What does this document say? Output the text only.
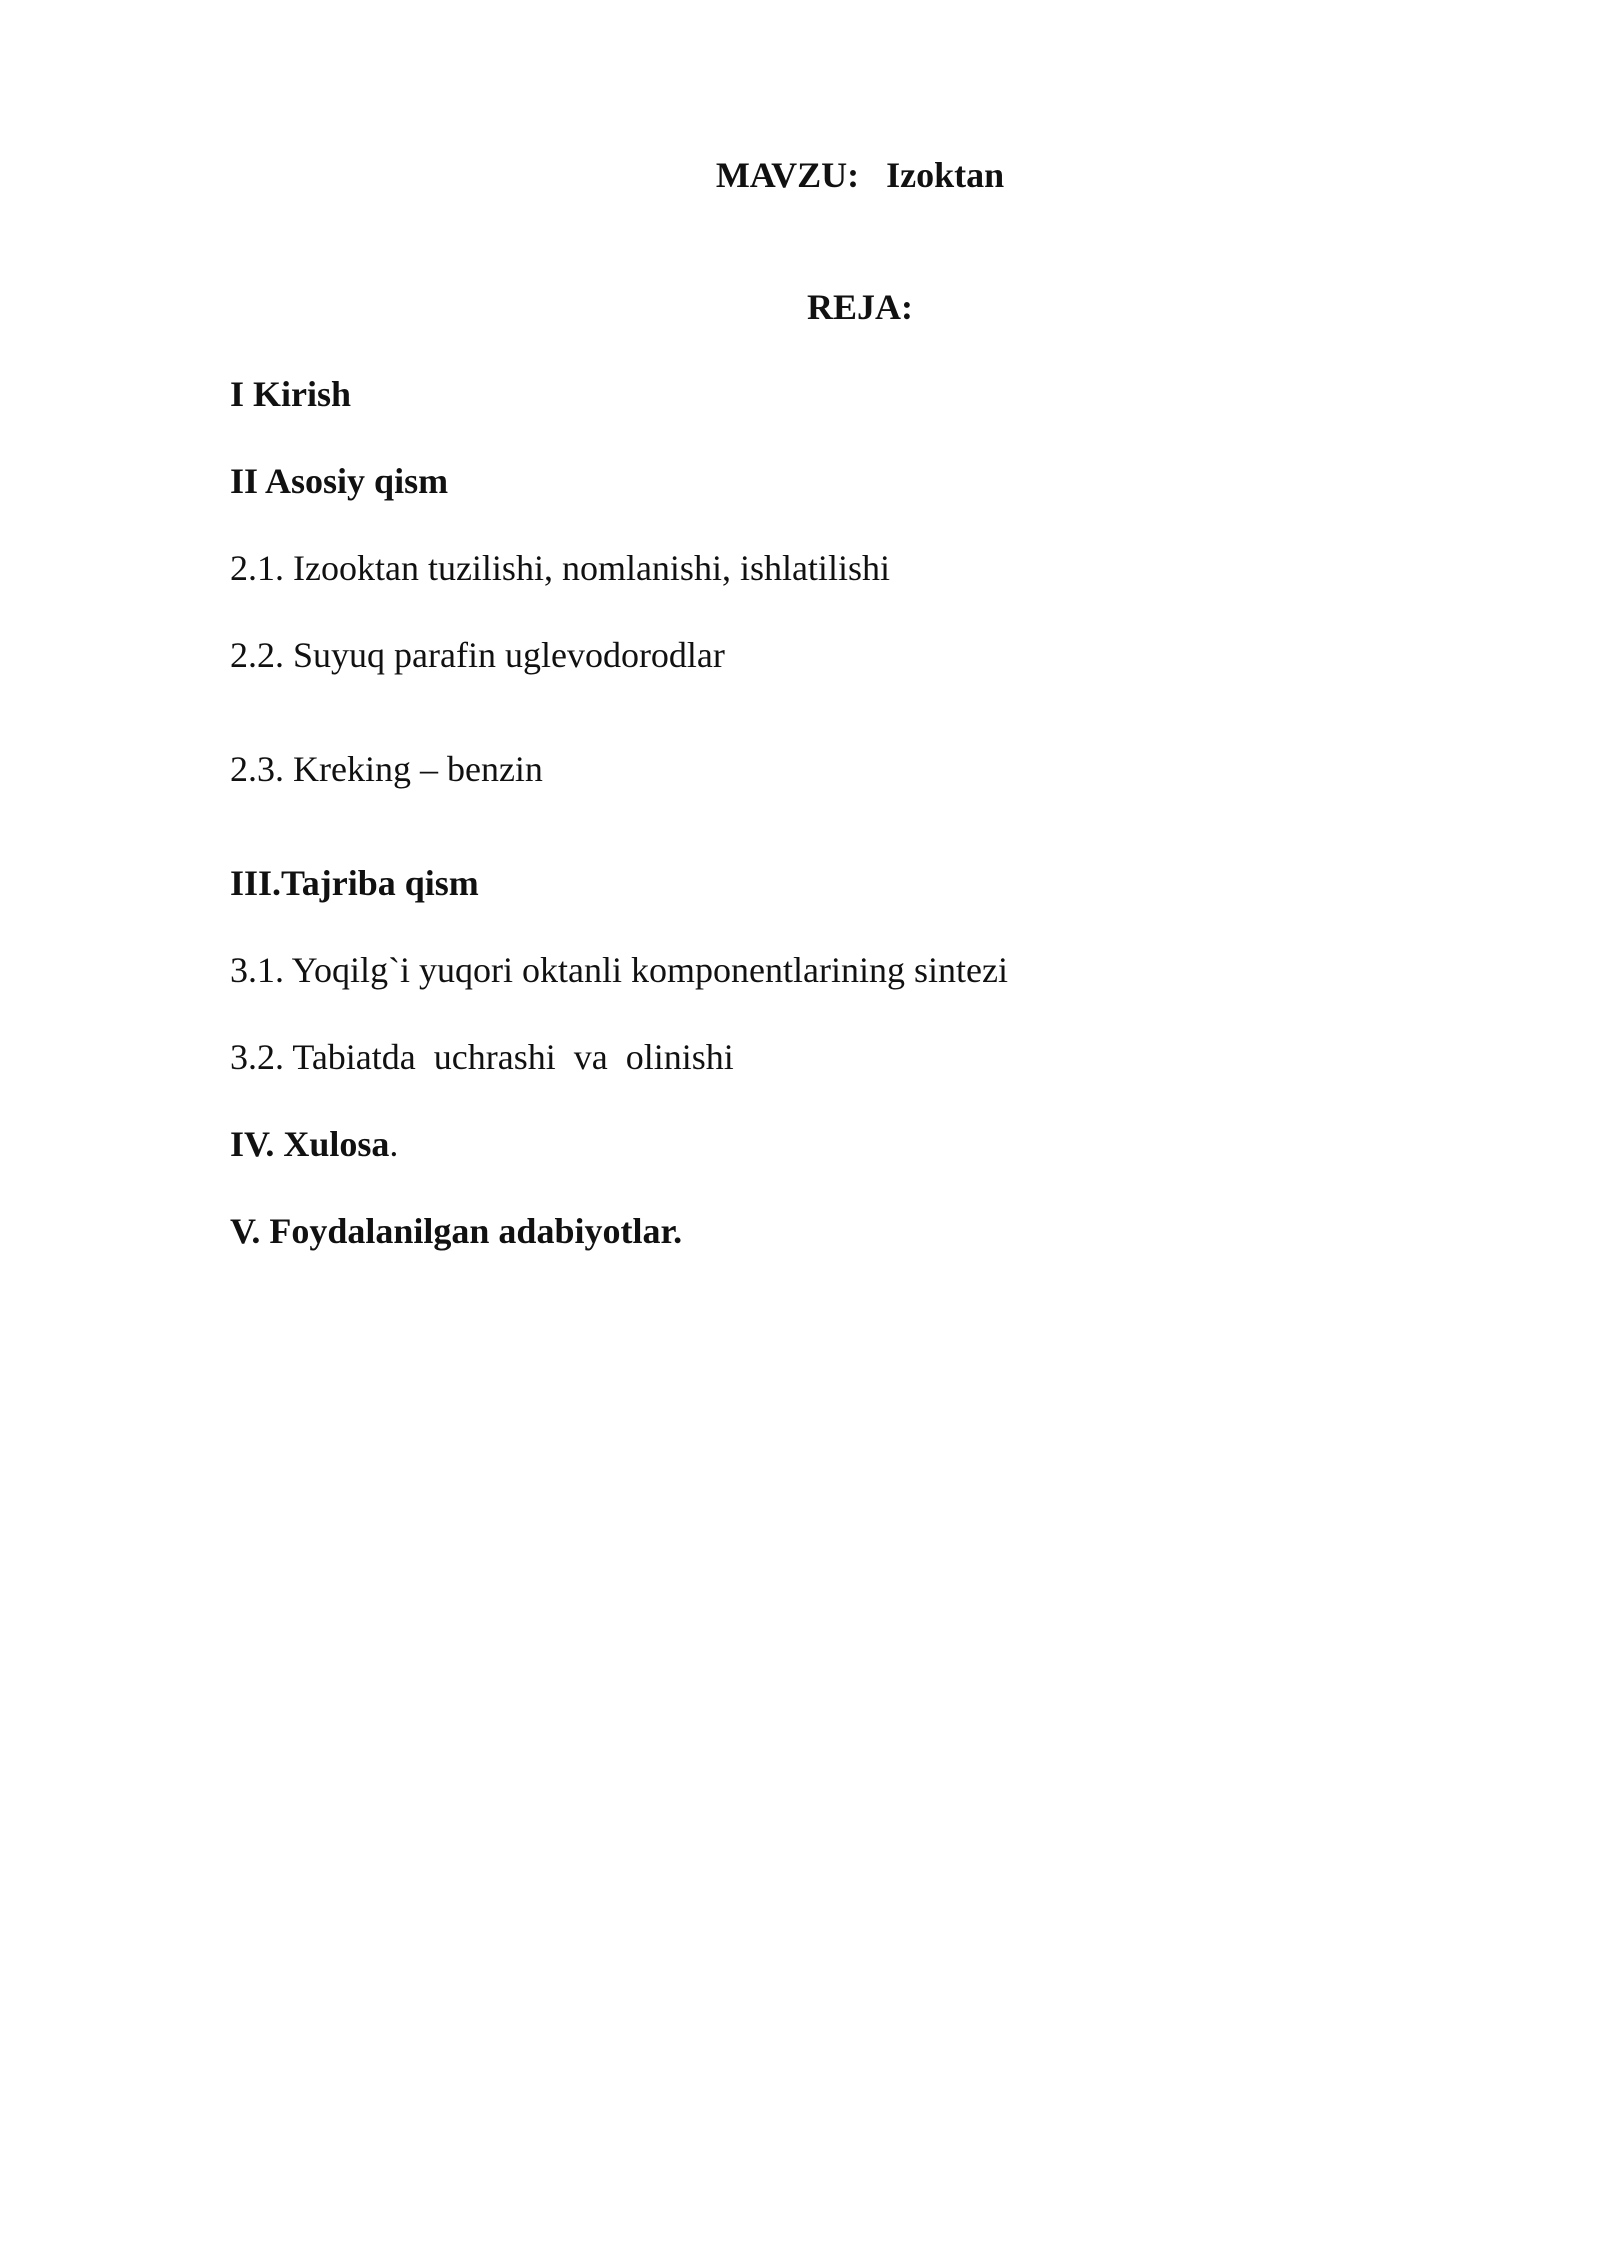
MAVZU:   Izoktan
REJA:
I Kirish
II Asosiy qism
2.1. Izooktan tuzilishi, nomlanishi, ishlatilishi
2.2. Suyuq parafin uglevodorodlar
2.3. Kreking – benzin
III.Tajriba qism
3.1. Yoqilg`i yuqori oktanli komponentlarining sintezi
3.2. Tabiatda  uchrashi  va  olinishi
IV. Xulosa.
V. Foydalanilgan adabiyotlar.
